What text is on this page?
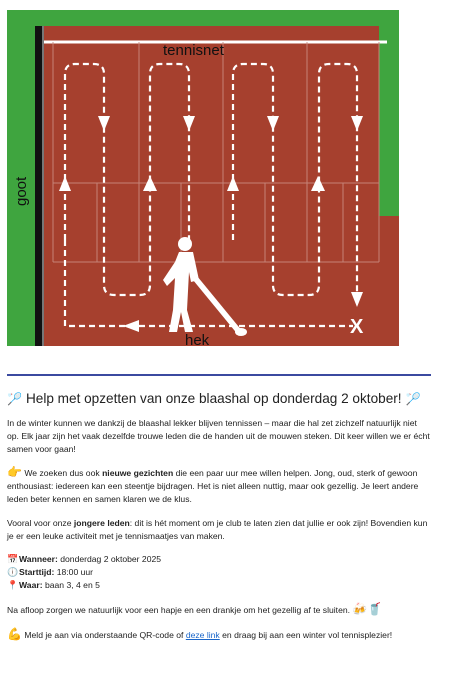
tennisnet
goot
hek
X
🏸 Help met opzetten van onze blaashal op donderdag 2 oktober! 🏸

In de winter kunnen we dankzij de blaashal lekker blijven tennissen – maar die hal zet zichzelf natuurlijk niet op. Elk jaar zijn het vaak dezelfde trouwe leden die de handen uit de mouwen steken. Dit keer willen we er écht samen voor gaan!

👉 We zoeken dus ook nieuwe gezichten die een paar uur mee willen helpen. Jong, oud, sterk of gewoon enthousiast: iedereen kan een steentje bijdragen. Het is niet alleen nuttig, maar ook gezellig. Je leert andere leden beter kennen en samen klaren we de klus.

Vooral voor onze jongere leden: dit is hét moment om je club te laten zien dat jullie er ook zijn! Bovendien kun je er een leuke activiteit met je tennismaatjes van maken.

📅Wanneer: donderdag 2 oktober 2025
🕕Starttijd: 18:00 uur
📍Waar: baan 3, 4 en 5

Na afloop zorgen we natuurlijk voor een hapje en een drankje om het gezellig af te sluiten. 🍻🥤

💪 Meld je aan via onderstaande QR-code of deze link en draag bij aan een winter vol tennisplezier!
